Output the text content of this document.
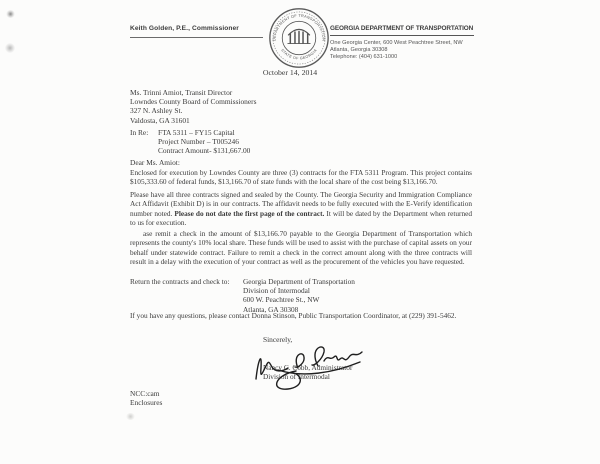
Keith Golden, P.E., Commissioner
DEPARTMENT OF TRANSPORTATION
STATE OF GEORGIA
GEORGIA DEPARTMENT OF TRANSPORTATION
One Georgia Center, 600 West Peachtree Street, NW
Atlanta, Georgia 30308
Telephone: (404) 631-1000
October 14, 2014
Ms. Trinni Amiot, Transit Director
Lowndes County Board of Commissioners
327 N. Ashley St.
Valdosta, GA 31601
In Re:	FTA 5311 – FY15 Capital
Project Number – T005246
Contract Amount- $131,667.00
Dear Ms. Amiot:
Enclosed for execution by Lowndes County are three (3) contracts for the FTA 5311 Program. This project contains $105,333.60 of federal funds, $13,166.70 of state funds with the local share of the cost being $13,166.70.
Please have all three contracts signed and sealed by the County. The Georgia Security and Immigration Compliance Act Affidavit (Exhibit D) is in our contracts. The affidavit needs to be fully executed with the E-Verify identification number noted. Please do not date the first page of the contract. It will be dated by the Department when returned to us for execution.
ase remit a check in the amount of $13,166.70 payable to the Georgia Department of Transportation which represents the county's 10% local share. These funds will be used to assist with the purchase of capital assets on your behalf under statewide contract. Failure to remit a check in the correct amount along with the three contracts will result in a delay with the execution of your contract as well as the procurement of the vehicles you have requested.
Return the contracts and check to:	Georgia Department of Transportation
Division of Intermodal
600 W. Peachtree St., NW
Atlanta, GA 30308
If you have any questions, please contact Donna Stinson, Public Transportation Coordinator, at (229) 391-5462.
Sincerely,
Nancy C. Cobb, Administrator
Division of Intermodal
NCC:cam
Enclosures
